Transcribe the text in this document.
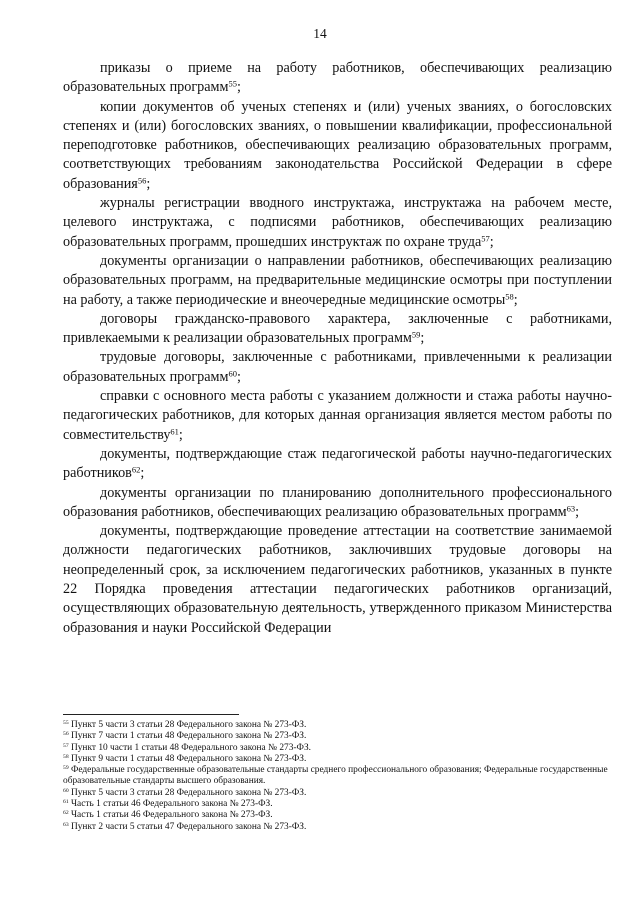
14

приказы о приеме на работу работников, обеспечивающих реализацию образовательных программ$^{55}$;

копии документов об ученых степенях и (или) ученых званиях, о богословских степенях и (или) богословских званиях, о повышении квалификации, профессиональной переподготовке работников, обеспечивающих реализацию образовательных программ, соответствующих требованиям законодательства Российской Федерации в сфере образования$^{56}$;

журналы регистрации вводного инструктажа, инструктажа на рабочем месте, целевого инструктажа, с подписями работников, обеспечивающих реализацию образовательных программ, прошедших инструктаж по охране труда$^{57}$;

документы организации о направлении работников, обеспечивающих реализацию образовательных программ, на предварительные медицинские осмотры при поступлении на работу, а также периодические и внеочередные медицинские осмотры$^{58}$;

договоры гражданско-правового характера, заключенные с работниками, привлекаемыми к реализации образовательных программ$^{59}$;

трудовые договоры, заключенные с работниками, привлеченными к реализации образовательных программ$^{60}$;

справки с основного места работы с указанием должности и стажа работы научно-педагогических работников, для которых данная организация является местом работы по совместительству$^{61}$;

документы, подтверждающие стаж педагогической работы научно-педагогических работников$^{62}$;

документы организации по планированию дополнительного профессионального образования работников, обеспечивающих реализацию образовательных программ$^{63}$;

документы, подтверждающие проведение аттестации на соответствие занимаемой должности педагогических работников, заключивших трудовые договоры на неопределенный срок, за исключением педагогических работников, указанных в пункте 22 Порядка проведения аттестации педагогических работников организаций, осуществляющих образовательную деятельность, утвержденного приказом Министерства образования и науки Российской Федерации

$^{55}$ Пункт 5 части 3 статьи 28 Федерального закона № 273-ФЗ.

$^{56}$ Пункт 7 части 1 статьи 48 Федерального закона № 273-ФЗ.

$^{57}$ Пункт 10 части 1 статьи 48 Федерального закона № 273-ФЗ.

$^{58}$ Пункт 9 части 1 статьи 48 Федерального закона № 273-ФЗ.

$^{59}$ Федеральные государственные образовательные стандарты среднего профессионального образования; Федеральные государственные образовательные стандарты высшего образования.

$^{60}$ Пункт 5 части 3 статьи 28 Федерального закона № 273-ФЗ.

$^{61}$ Часть 1 статьи 46 Федерального закона № 273-ФЗ.

$^{62}$ Часть 1 статьи 46 Федерального закона № 273-ФЗ.

$^{63}$ Пункт 2 части 5 статьи 47 Федерального закона № 273-ФЗ.
